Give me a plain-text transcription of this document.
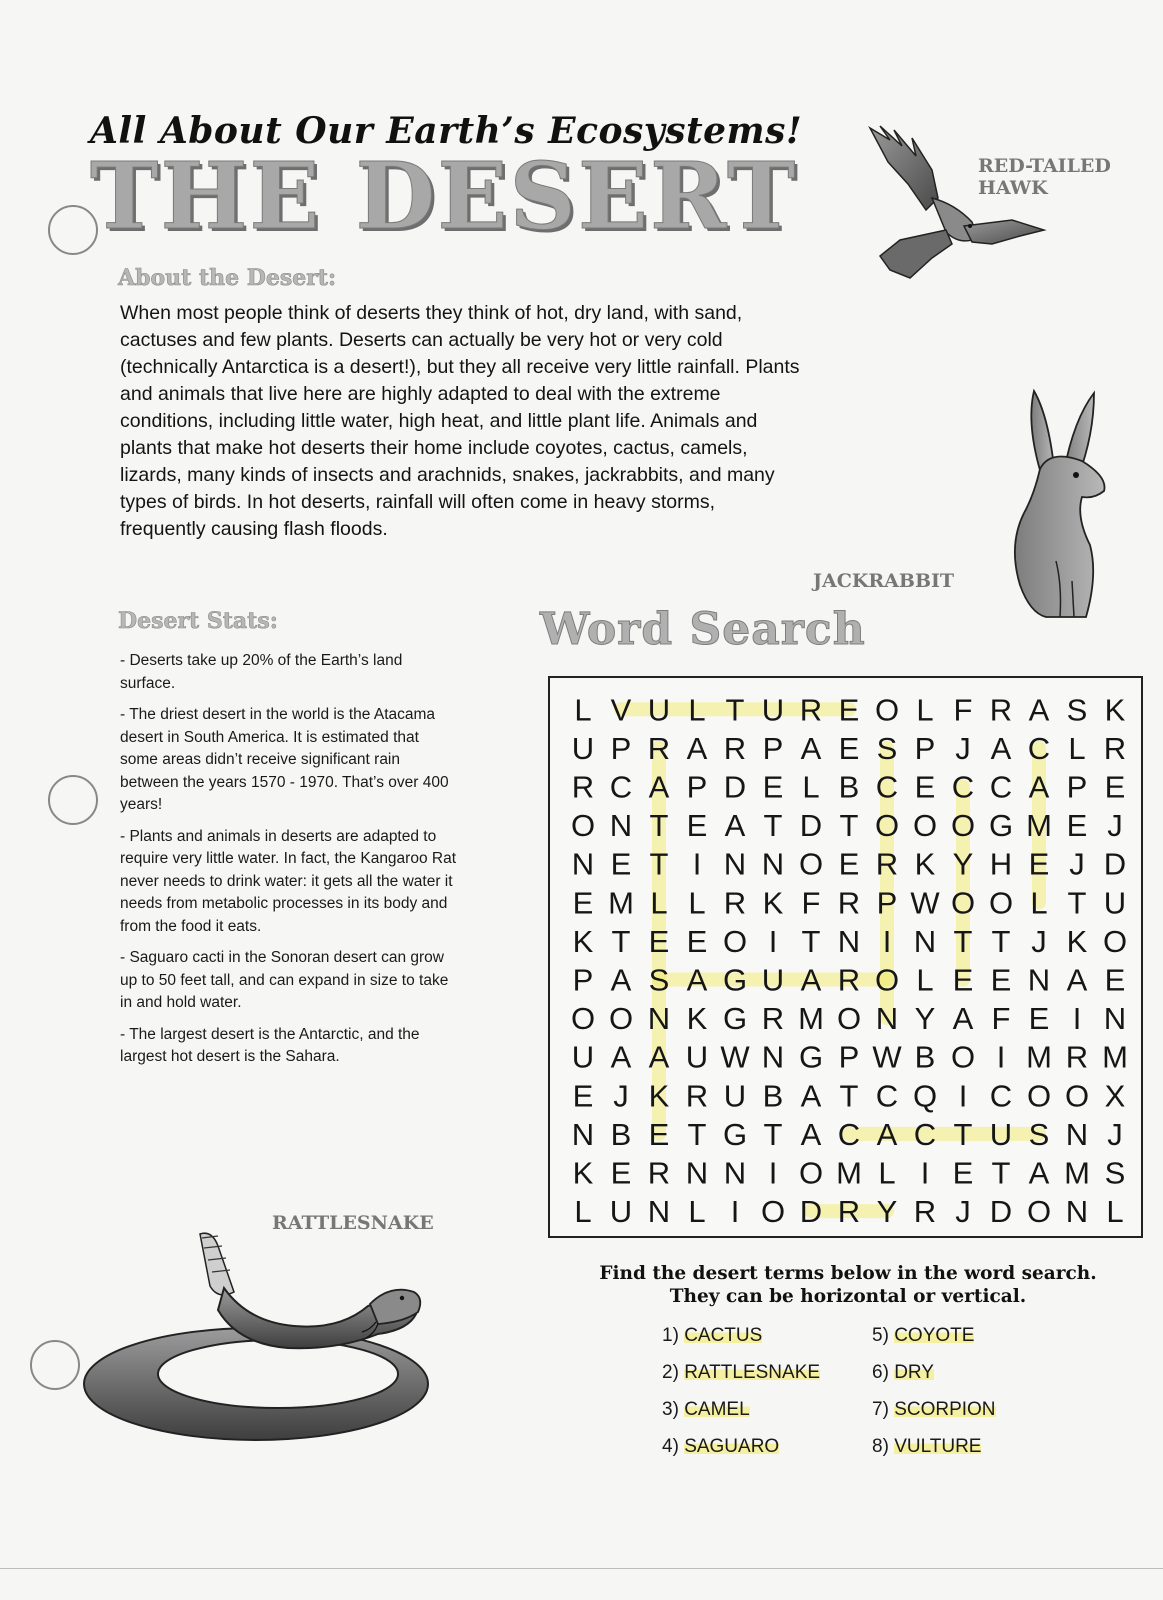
All About Our Earth’s Ecosystems!
THE DESERT	RED-TAILED
HAWK
About the Desert:

When most people think of deserts they think of hot, dry land, with sand, cactuses and few plants. Deserts can actually be very hot or very cold (technically Antarctica is a desert!), but they all receive very little rainfall. Plants and animals that live here are highly adapted to deal with the extreme conditions, including little water, high heat, and little plant life. Animals and plants that make hot deserts their home include coyotes, cactus, camels, lizards, many kinds of insects and arachnids, snakes, jackrabbits, and many types of birds. In hot deserts, rainfall will often come in heavy storms, frequently causing flash floods.

JACKRABBIT
Desert Stats:
- Deserts take up 20% of the Earth’s land surface.
- The driest desert in the world is the Atacama desert in South America. It is estimated that some areas didn’t receive significant rain between the years 1570 - 1970. That’s over 400 years!
- Plants and animals in deserts are adapted to require very little water. In fact, the Kangaroo Rat never needs to drink water: it gets all the water it needs from metabolic processes in its body and from the food it eats.
- Saguaro cacti in the Sonoran desert can grow up to 50 feet tall, and can expand in size to take in and hold water.
- The largest desert is the Antarctic, and the largest hot desert is the Sahara.
Word Search
L V U L T U R E O L F R A S K
U P R A R P A E S P J A C L R
R C A P D E L B C E C C A P E
O N T E A T D T O O O G M E J
N E T I N N O E R K Y H E J D
E M L L R K F R P W O O L T U
K T E E O I T N I N T T J K O
P A S A G U A R O L E E N A E
O O N K G R M O N Y A F E I N
U A A U W N G P W B O I M R M
E J K R U B A T C Q I C O O X
N B E T G T A C A C T U S N J
K E R N N I O M L I E T A M S
L U N L I O D R Y R J D O N L
Find the desert terms below in the word search.
They can be horizontal or vertical.
1) CACTUS
2) RATTLESNAKE
3) CAMEL
4) SAGUARO
5) COYOTE
6) DRY
7) SCORPION
8) VULTURE
RATTLESNAKE
